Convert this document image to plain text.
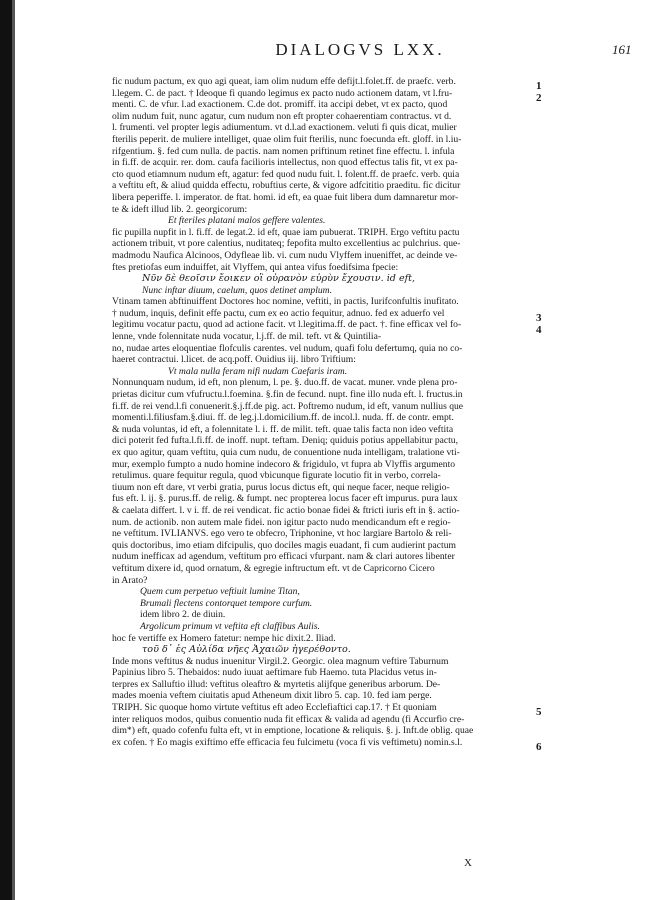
DIALOGVS LXX.	161
fic nudum pactum, ex quo agi queat, iam olim nudum effe defijt.l.folet.ff. de praefc. verb.
l.legem. C. de pact. † Ideoque fi quando legimus ex pacto nudo actionem datam, vt l.fru-
menti. C. de vfur. l.ad exactionem. C.de dot. promiff. ita accipi debet, vt ex pacto, quod
olim nudum fuit, nunc agatur, cum nudum non eft propter cohaerentiam contractus. vt d.
l. frumenti. vel propter legis adiumentum. vt d.l.ad exactionem. veluti fi quis dicat, mulier
fterilis peperit. de muliere intelliget, quae olim fuit fterilis, nunc foecunda eft. gloff. in l.iu-
rifgentium. §. fed cum nulla. de pactis. nam nomen priftinum retinet fine effectu. l. infula
in fi.ff. de acquir. rer. dom. caufa facilioris intellectus, non quod effectus talis fit, vt ex pa-
cto quod etiamnum nudum eft, agatur: fed quod nudu fuit. l. folent.ff. de praefc. verb. quia
a veftitu eft, & aliud quidda effectu, robuftius certe, & vigore adfcititio praeditu. fic dicitur
libera peperiffe. l. imperator. de ftat. homi. id eft, ea quae fuit libera dum damnaretur mor-
te & ideft illud lib. 2. georgicorum:
Et fteriles platani malos geffere valentes.
fic pupilla nupfit in l. fi.ff. de legat.2. id eft, quae iam pubuerat. TRIPH. Ergo veftitu pactu
actionem tribuit, vt pore calentius, nuditateq; fepofita multo excellentius ac pulchrius. que-
madmodu Naufica Alcinoos, Odyfleae lib. vi. cum nudu Vlyffem inueniffet, ac deinde ve-
ftes pretiofas eum induiffet, ait Vlyffem, qui antea vifus foedifsima fpecie:
Νῦν δὲ θεοῖσιν ἔοικεν οἳ οὐρανὸν εὐρὺν ἔχουσιν. id eft,
Nunc inftar diuum, caelum, quos detinet amplum.
Vtinam tamen abftinuiffent Doctores hoc nomine, veftiti, in pactis, Iurifconfultis inufitato.
† nudum, inquis, definit effe pactu, cum ex eo actio fequitur, adnuo. fed ex aduerfo vel
legitimu vocatur pactu, quod ad actione facit. vt l.legitima.ff. de pact. †. fine efficax vel fo-
lenne, vnde folennitate nuda vocatur, l.j.ff. de mil. teft. vt & Quintilia-
no, nudae artes eloquentiae flofculis carentes. vel nudum, quafi folu defertumq, quia no co-
haeret contractui. l.licet. de acq.poff. Ouidius iij. libro Triftium:
Vt mala nulla feram nifi nudam Caefaris iram.
Nonnunquam nudum, id eft, non plenum, l. pe. §. duo.ff. de vacat. muner. vnde plena pro-
prietas dicitur cum vfufructu.l.foemina. §.fin de fecund. nupt. fine illo nuda eft. l. fructus.in
fi.ff. de rei vend.l.fi conuenerit.§.j.ff.de pig. act. Poftremo nudum, id eft, vanum nullius que
momenti.l.filiusfam.§.diui. ff. de leg.j.l.domicilium.ff. de incol.l. nuda. ff. de contr. empt.
& nuda voluntas, id eft, a folennitate l. i. ff. de milit. teft. quae talis facta non ideo veftita
dici poterit fed fufta.l.fi.ff. de inoff. nupt. teftam. Deniq; quiduis potius appellabitur pactu,
ex quo agitur, quam veftitu, quia cum nudu, de conuentione nuda intelligam, tralatione vti-
mur, exemplo fumpto a nudo homine indecoro & frigidulo, vt fupra ab Vlyffis argumento
retulimus. quare fequitur regula, quod vbicunque figurate locutio fit in verbo, correla-
tiuum non eft dare, vt verbi gratia, purus locus dictus eft, qui neque facer, neque religio-
fus eft. l. ij. §. purus.ff. de relig. & fumpt. nec propterea locus facer eft impurus. pura laux
& caelata differt. l. v i. ff. de rei vendicat. fic actio bonae fidei & ftricti iuris eft in §. actio-
num. de actionib. non autem male fidei. non igitur pacto nudo mendicandum eft e regio-
ne veftitum. IVLIANVS. ego vero te obfecro, Triphonine, vt hoc largiare Bartolo & reli-
quis doctoribus, imo etiam difcipulis, quo dociles magis euadant, fi cum audierint pactum
nudum inefficax ad agendum, veftitum pro efficaci vfurpant. nam & clari autores libenter
veftitum dixere id, quod ornatum, & egregie inftructum eft. vt de Capricorno Cicero
in Arato?
Quem cum perpetuo veftiuit lumine Titan,
Brumali flectens contorquet tempore curfum.
idem libro 2. de diuin.
Argolicum primum vt veftita eft claffibus Aulis.
hoc fe vertiffe ex Homero fatetur: nempe hic dixit.2. Iliad.
τοῦ δ᾽ ἐς Αὐλίδα νῆες Ἀχαιῶν ἠγερέθοντο.
Inde mons veftitus & nudus inuenitur Virgil.2. Georgic. olea magnum veftire Taburnum
Papinius libro 5. Thebaidos: nudo iuuat aeftimare fub Haemo. tuta Placidus vetus in-
terpres ex Salluftio illud: veftitus oleaftro & myrtetis alijfque generibus arborum. De-
mades moenia veftem ciuitatis apud Atheneum dixit libro 5. cap. 10. fed iam perge.
TRIPH. Sic quoque homo virtute veftitus eft adeo Ecclefiaftici cap.17. † Et quoniam
inter reliquos modos, quibus conuentio nuda fit efficax & valida ad agendu (fi Accurfio cre-
dim*) eft, quado cofenfu fulta eft, vt in emptione, locatione & reliquis. §. j. Inft.de oblig. quae
ex cofen. † Eo magis exiftimo effe efficacia feu fulcimetu (voca fi vis veftimetu) nomin.s.l.
1
2
3
4
5
6
X
